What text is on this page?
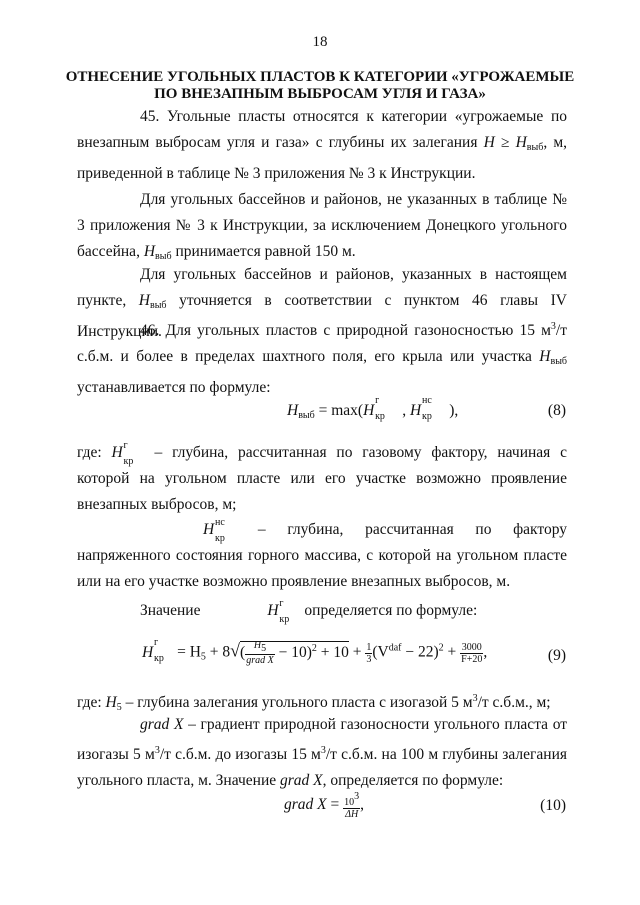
18
ОТНЕСЕНИЕ УГОЛЬНЫХ ПЛАСТОВ К КАТЕГОРИИ «УГРОЖАЕМЫЕ
ПО ВНЕЗАПНЫМ ВЫБРОСАМ УГЛЯ И ГАЗА»
45. Угольные пласты относятся к категории «угрожаемые по внезапным выбросам угля и газа» с глубины их залегания $H \ge H_{выб}$, м, приведенной в таблице № 3 приложения № 3 к Инструкции.
Для угольных бассейнов и районов, не указанных в таблице № 3 приложения № 3 к Инструкции, за исключением Донецкого угольного бассейна, $H_{выб}$ принимается равной 150 м.
Для угольных бассейнов и районов, указанных в настоящем пункте, $H_{выб}$ уточняется в соответствии с пунктом 46 главы IV Инструкции.
46. Для угольных пластов с природной газоносностью 15 $м^3/т$ с.б.м. и более в пределах шахтного поля, его крыла или участка $H_{выб}$ устанавливается по формуле:
$H_{выб} = \max(H$
г
кр , H
нс
кр ),	(8)
где: H г
кр
– глубина, рассчитанная по газовому фактору, начиная с которой на угольном пласте или его участке возможно проявление внезапных выбросов, м;
H нс
кр
– глубина, рассчитанная по фактору напряженного состояния горного массива, с которой на угольном пласте или на его участке возможно проявление внезапных выбросов, м.
Значение	H г
кр
определяется по формуле:
H
г
кр = $H_5 + 8√( \frac{H_5}{\text{grad X}} - 10)^2 + 10 + \frac{1}{3} (V^{daf} - 22)^2 + \frac{3000}{F+20}$ ,	(9)
где: $H_5$ – глубина залегания угольного пласта с изогазой 5 $м^3/т$ с.б.м., м;
grad X – градиент природной газоносности угольного пласта от изогазы 5 $м^3/т$ с.б.м. до изогазы 15 $м^3/т$ с.б.м. на 100 м глубины залегания угольного пласта, м. Значение grad X, определяется по формуле:
grad $X = \frac{10^3}{\Delta H}$ ,	(10)
